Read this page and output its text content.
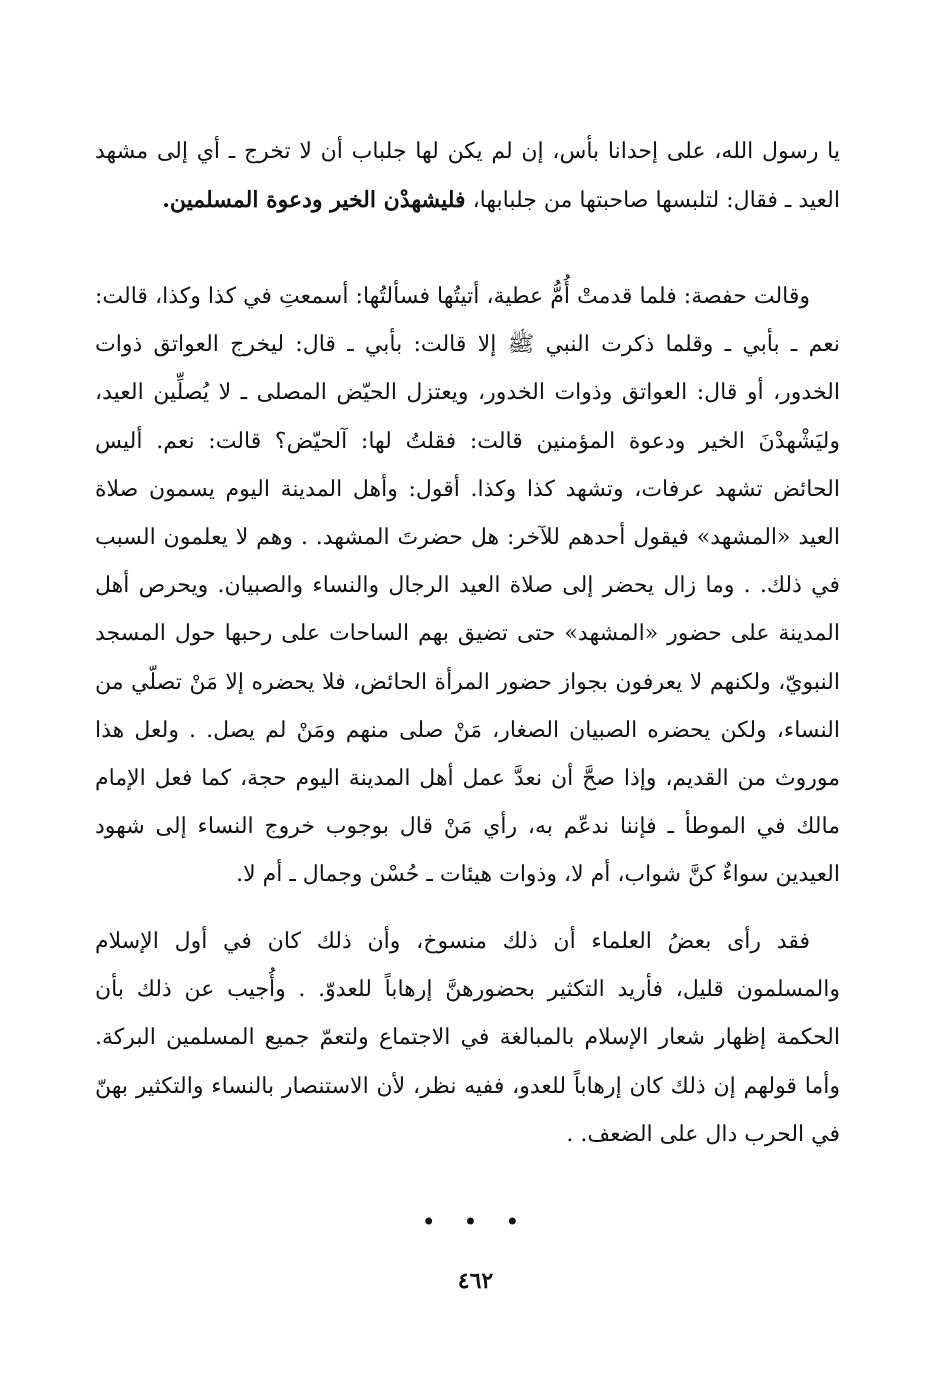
يا رسول الله، على إحدانا بأس، إن لم يكن لها جلباب أن لا تخرج ـ أي إلى مشهد العيد ـ فقال: لتلبسها صاحبتها من جلبابها، فليشهدْن الخير ودعوة المسلمين.

وقالت حفصة: فلما قدمتْ أُمُّ عطية، أتيتُها فسألتُها: أسمعتِ في كذا وكذا، قالت: نعم ـ بأبي ـ وقلما ذكرت النبي ﷺ إلا قالت: بأبي ـ قال: ليخرج العواتق ذوات الخدور، أو قال: العواتق وذوات الخدور، ويعتزل الحيّض المصلى ـ لا يُصلِّين العيد، وليَشْهدْنَ الخير ودعوة المؤمنين قالت: فقلتُ لها: آلحيّض؟ قالت: نعم. أليس الحائض تشهد عرفات، وتشهد كذا وكذا. أقول: وأهل المدينة اليوم يسمون صلاة العيد «المشهد» فيقول أحدهم للآخر: هل حضرتَ المشهد. . وهم لا يعلمون السبب في ذلك. . وما زال يحضر إلى صلاة العيد الرجال والنساء والصبيان. ويحرص أهل المدينة على حضور «المشهد» حتى تضيق بهم الساحات على رحبها حول المسجد النبويّ، ولكنهم لا يعرفون بجواز حضور المرأة الحائض، فلا يحضره إلا مَنْ تصلّي من النساء، ولكن يحضره الصبيان الصغار، مَنْ صلى منهم ومَنْ لم يصل. . ولعل هذا موروث من القديم، وإذا صحَّ أن نعدَّ عمل أهل المدينة اليوم حجة، كما فعل الإمام مالك في الموطأ ـ فإننا ندعّم به، رأي مَنْ قال بوجوب خروج النساء إلى شهود العيدين سواءٌ كنَّ شواب، أم لا، وذوات هيئات ـ حُسْن وجمال ـ أم لا.

فقد رأى بعضُ العلماء أن ذلك منسوخ، وأن ذلك كان في أول الإسلام والمسلمون قليل، فأريد التكثير بحضورهنَّ إرهاباً للعدوّ. . وأُجيب عن ذلك بأن الحكمة إظهار شعار الإسلام بالمبالغة في الاجتماع ولتعمّ جميع المسلمين البركة. وأما قولهم إن ذلك كان إرهاباً للعدو، ففيه نظر، لأن الاستنصار بالنساء والتكثير بهنّ في الحرب دال على الضعف. .

• • •
٤٦٢
